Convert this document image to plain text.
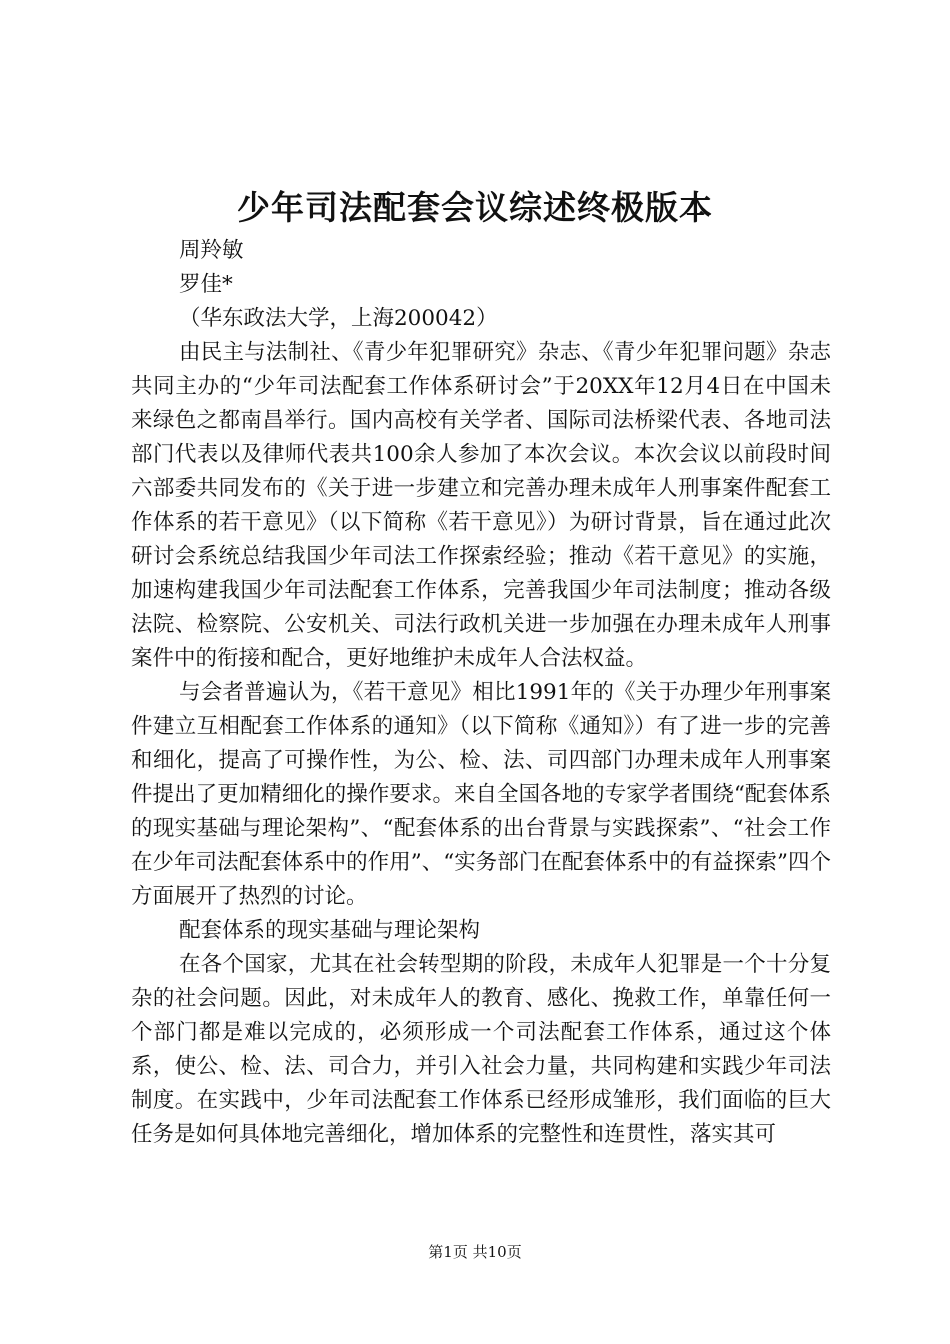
少年司法配套会议综述终极版本

周羚敏

罗佳*

（华东政法大学，上海200042）

由民主与法制社、《青少年犯罪研究》杂志、《青少年犯罪问题》杂志共同主办的“少年司法配套工作体系研讨会”于20XX年12月4日在中国未来绿色之都南昌举行。国内高校有关学者、国际司法桥梁代表、各地司法部门代表以及律师代表共100余人参加了本次会议。本次会议以前段时间六部委共同发布的《关于进一步建立和完善办理未成年人刑事案件配套工作体系的若干意见》（以下简称《若干意见》）为研讨背景，旨在通过此次研讨会系统总结我国少年司法工作探索经验；推动《若干意见》的实施，加速构建我国少年司法配套工作体系，完善我国少年司法制度；推动各级法院、检察院、公安机关、司法行政机关进一步加强在办理未成年人刑事案件中的衔接和配合，更好地维护未成年人合法权益。

与会者普遍认为，《若干意见》相比1991年的《关于办理少年刑事案件建立互相配套工作体系的通知》（以下简称《通知》）有了进一步的完善和细化，提高了可操作性，为公、检、法、司四部门办理未成年人刑事案件提出了更加精细化的操作要求。来自全国各地的专家学者围绕“配套体系的现实基础与理论架构”、“配套体系的出台背景与实践探索”、“社会工作在少年司法配套体系中的作用”、“实务部门在配套体系中的有益探索”四个方面展开了热烈的讨论。

配套体系的现实基础与理论架构

在各个国家，尤其在社会转型期的阶段，未成年人犯罪是一个十分复杂的社会问题。因此，对未成年人的教育、感化、挽救工作，单靠任何一个部门都是难以完成的，必须形成一个司法配套工作体系，通过这个体系，使公、检、法、司合力，并引入社会力量，共同构建和实践少年司法制度。在实践中，少年司法配套工作体系已经形成雏形，我们面临的巨大任务是如何具体地完善细化，增加体系的完整性和连贯性，落实其可

第1页 共10页
